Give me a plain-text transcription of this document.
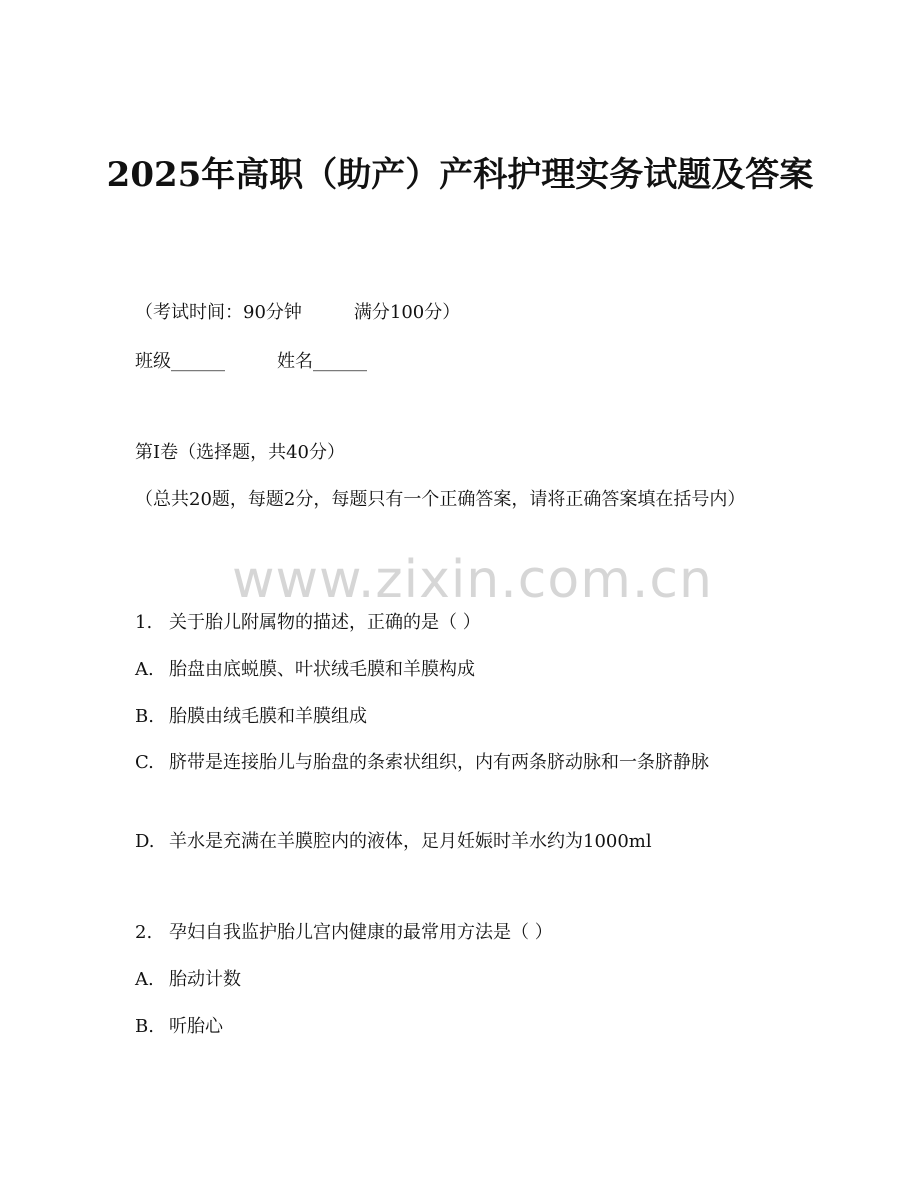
2025年高职（助产）产科护理实务试题及答案
（考试时间：90分钟	满分100分）
班级______	姓名______
第I卷（选择题，共40分）
（总共20题，每题2分，每题只有一个正确答案，请将正确答案填在括号内）
www.zixin.com.cn
1. 关于胎儿附属物的描述，正确的是（ ）
A. 胎盘由底蜕膜、叶状绒毛膜和羊膜构成
B. 胎膜由绒毛膜和羊膜组成
C. 脐带是连接胎儿与胎盘的条索状组织，内有两条脐动脉和一条脐静脉
D. 羊水是充满在羊膜腔内的液体，足月妊娠时羊水约为1000ml
2. 孕妇自我监护胎儿宫内健康的最常用方法是（ ）
A. 胎动计数
B. 听胎心
